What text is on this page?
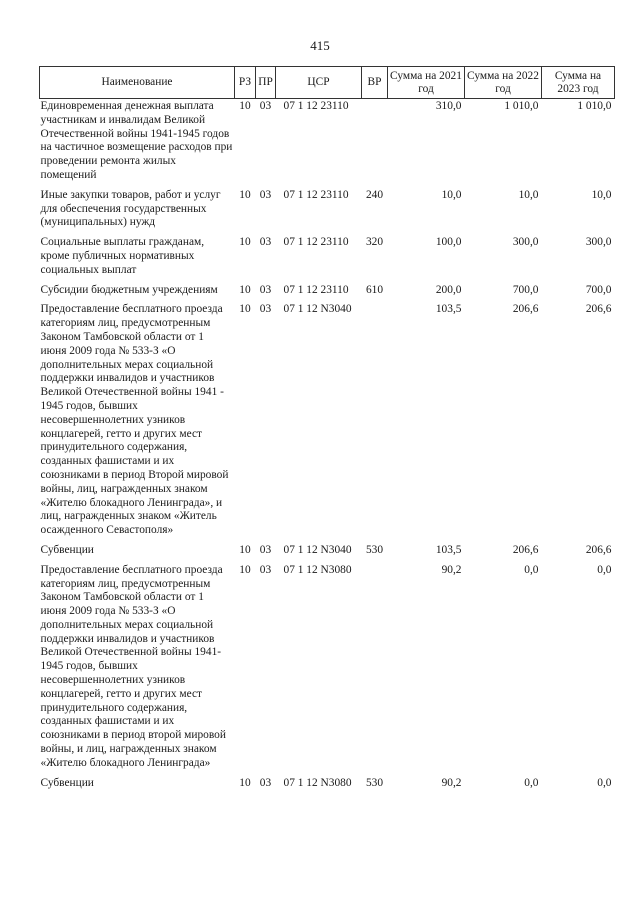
415
Наименование	РЗ	ПР	ЦСР	ВР	Сумма на 2021 год	Сумма на 2022 год	Сумма на 2023 год
Единовременная денежная выплата участникам и инвалидам Великой Отечественной войны 1941-1945 годов на частичное возмещение расходов при проведении ремонта жилых помещений	10	03	07 1 12 23110		310,0	1 010,0	1 010,0
Иные закупки товаров, работ и услуг для обеспечения государственных (муниципальных) нужд	10	03	07 1 12 23110	240	10,0	10,0	10,0
Социальные выплаты гражданам, кроме публичных нормативных социальных выплат	10	03	07 1 12 23110	320	100,0	300,0	300,0
Субсидии бюджетным учреждениям	10	03	07 1 12 23110	610	200,0	700,0	700,0
Предоставление бесплатного проезда категориям лиц, предусмотренным Законом Тамбовской области от 1 июня 2009 года № 533-З «О дополнительных мерах социальной поддержки инвалидов и участников Великой Отечественной войны 1941 - 1945 годов, бывших несовершеннолетних узников концлагерей, гетто и других мест принудительного содержания, созданных фашистами и их союзниками в период Второй мировой войны, лиц, награжденных знаком «Жителю блокадного Ленинграда», и лиц, награжденных знаком «Житель осажденного Севастополя»	10	03	07 1 12 N3040		103,5	206,6	206,6
Субвенции	10	03	07 1 12 N3040	530	103,5	206,6	206,6
Предоставление бесплатного проезда категориям лиц, предусмотренным Законом Тамбовской области от 1 июня 2009 года № 533-З «О дополнительных мерах социальной поддержки инвалидов и участников Великой Отечественной войны 1941-1945 годов, бывших несовершеннолетних узников концлагерей, гетто и других мест принудительного содержания, созданных фашистами и их союзниками в период второй мировой войны, и лиц, награжденных знаком «Жителю блокадного Ленинграда»	10	03	07 1 12 N3080		90,2	0,0	0,0
Субвенции	10	03	07 1 12 N3080	530	90,2	0,0	0,0
